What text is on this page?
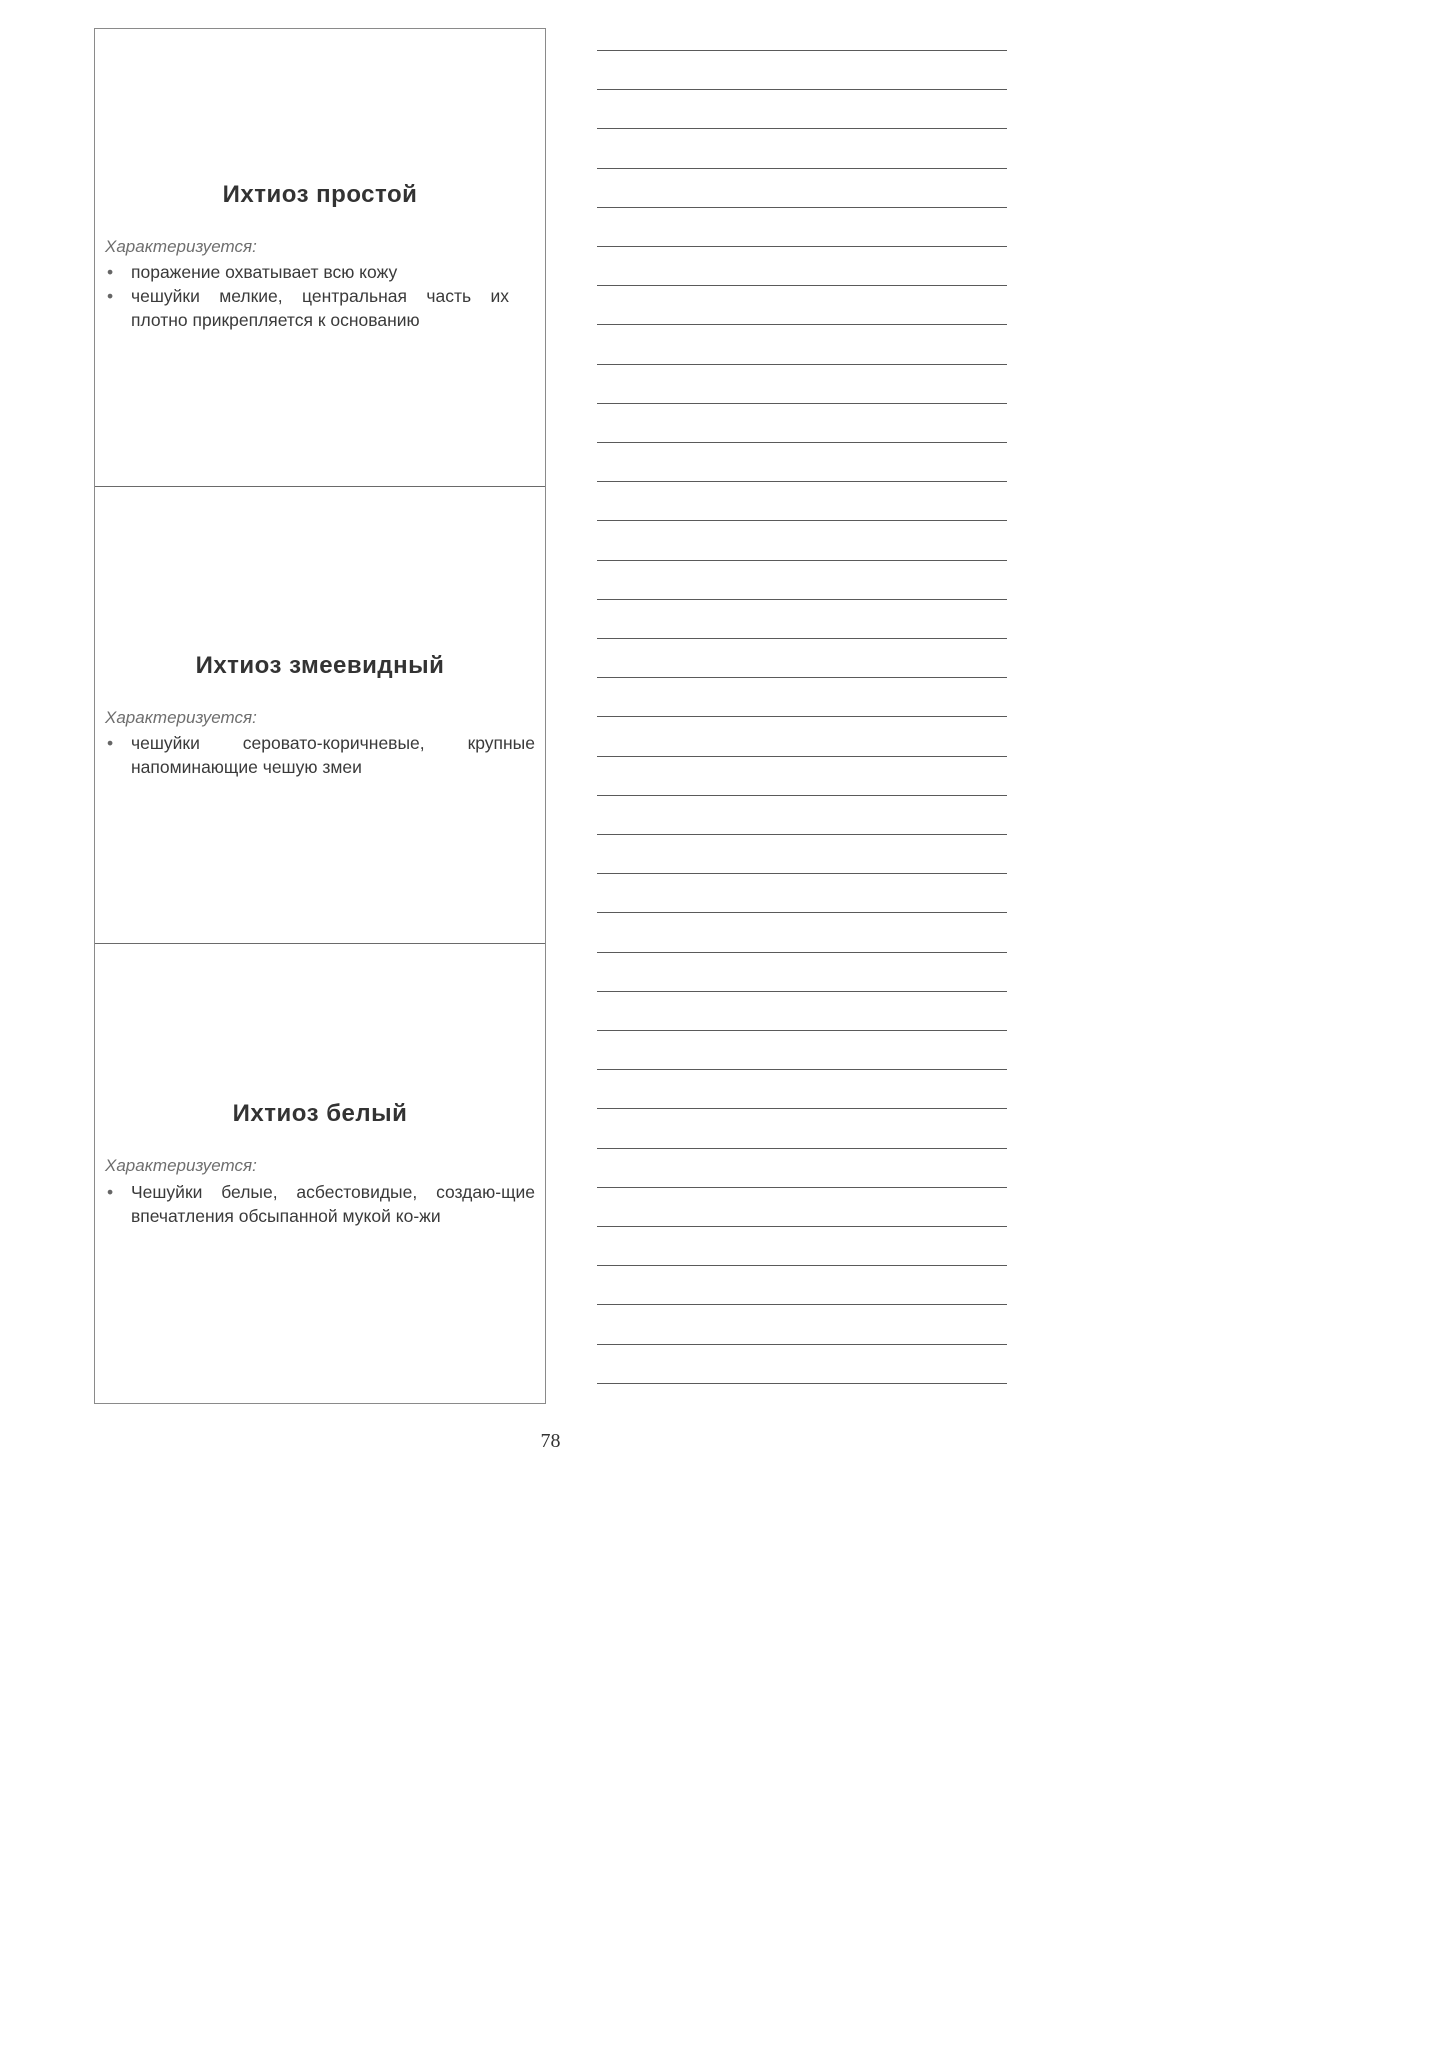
Ихтиоз простой
Характеризуется:
• поражение охватывает всю кожу
• чешуйки мелкие, центральная часть их плотно прикрепляется к основанию
Ихтиоз змеевидный
Характеризуется:
• чешуйки серовато-коричневые, крупные напоминающие чешую змеи
Ихтиоз белый
Характеризуется:
• Чешуйки белые, асбестовидые, создаю-щие впечатления обсыпанной мукой ко-жи
78
